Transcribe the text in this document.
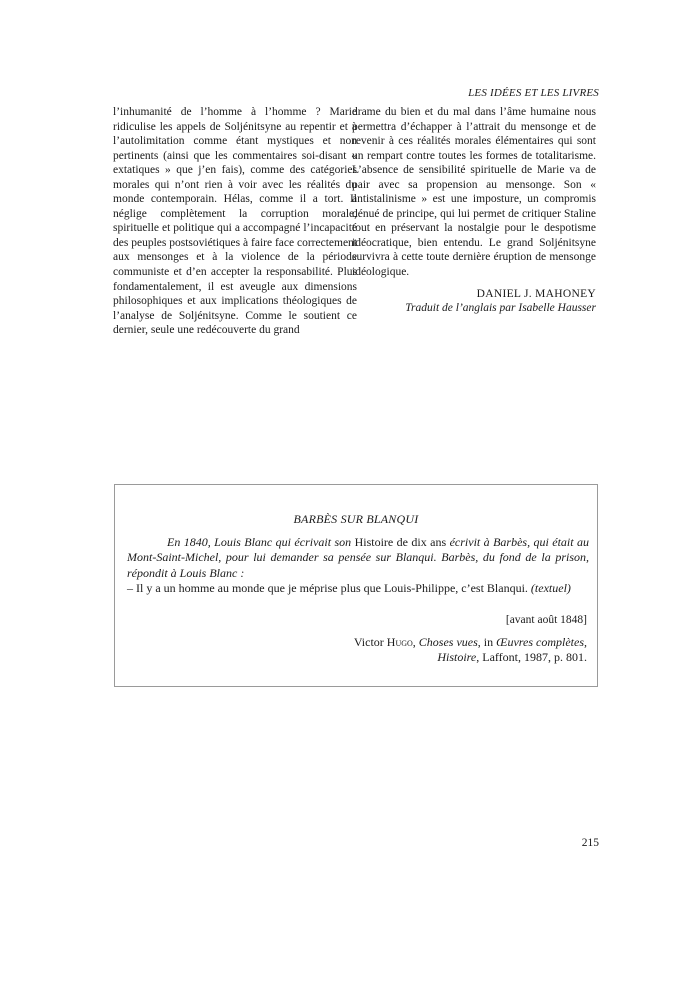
LES IDÉES ET LES LIVRES

l’inhumanité de l’homme à l’homme ? Marie ridiculise les appels de Soljénitsyne au repentir et à l’autolimitation comme étant mystiques et non pertinents (ainsi que les commentaires soi-disant « extatiques » que j’en fais), comme des catégories morales qui n’ont rien à voir avec les réalités du monde contemporain. Hélas, comme il a tort. Il néglige complètement la corruption morale, spirituelle et politique qui a accompagné l’incapacité des peuples postsoviétiques à faire face correctement aux mensonges et à la violence de la période communiste et d’en accepter la responsabilité. Plus fondamentalement, il est aveugle aux dimensions philosophiques et aux implications théologiques de l’analyse de Soljénitsyne. Comme le soutient ce dernier, seule une redécouverte du grand

drame du bien et du mal dans l’âme humaine nous permettra d’échapper à l’attrait du mensonge et de revenir à ces réalités morales élémentaires qui sont un rempart contre toutes les formes de totalitarisme. L’absence de sensibilité spirituelle de Marie va de pair avec sa propension au mensonge. Son « antistalinisme » est une imposture, un compromis dénué de principe, qui lui permet de critiquer Staline tout en préservant la nostalgie pour le despotisme idéocratique, bien entendu. Le grand Soljénitsyne survivra à cette toute dernière éruption de mensonge idéologique.

DANIEL J. MAHONEY
Traduit de l’anglais par Isabelle Hausser
BARBÈS SUR BLANQUI
En 1840, Louis Blanc qui écrivait son Histoire de dix ans écrivit à Barbès, qui était au Mont-Saint-Michel, pour lui demander sa pensée sur Blanqui. Barbès, du fond de la prison, répondit à Louis Blanc :
– Il y a un homme au monde que je méprise plus que Louis-Philippe, c’est Blanqui. (textuel)
[avant août 1848]
Victor Hugo, Choses vues, in Œuvres complètes,
Histoire, Laffont, 1987, p. 801.
215
